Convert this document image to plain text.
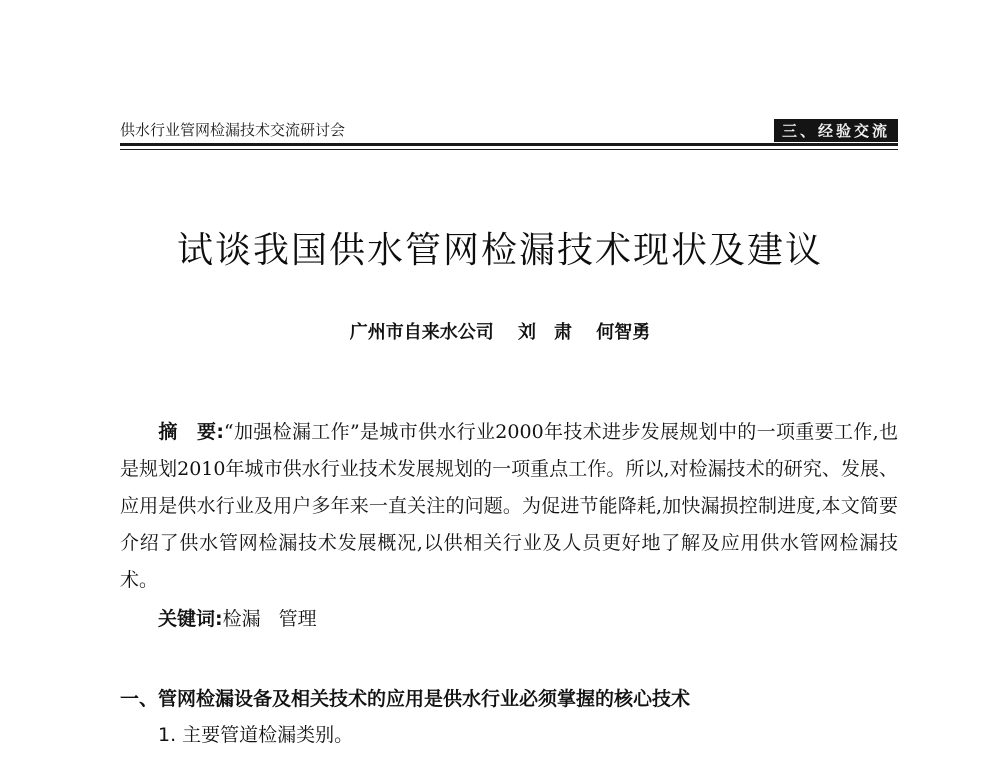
供水行业管网检漏技术交流研讨会	三、经验交流
试谈我国供水管网检漏技术现状及建议
广州市自来水公司 刘　肃 何智勇
摘　要:“加强检漏工作”是城市供水行业2000年技术进步发展规划中的一项重要工作,也是规划2010年城市供水行业技术发展规划的一项重点工作。所以,对检漏技术的研究、发展、应用是供水行业及用户多年来一直关注的问题。为促进节能降耗,加快漏损控制进度,本文简要介绍了供水管网检漏技术发展概况,以供相关行业及人员更好地了解及应用供水管网检漏技术。
关键词:检漏 管理
一、管网检漏设备及相关技术的应用是供水行业必须掌握的核心技术
1. 主要管道检漏类别。
